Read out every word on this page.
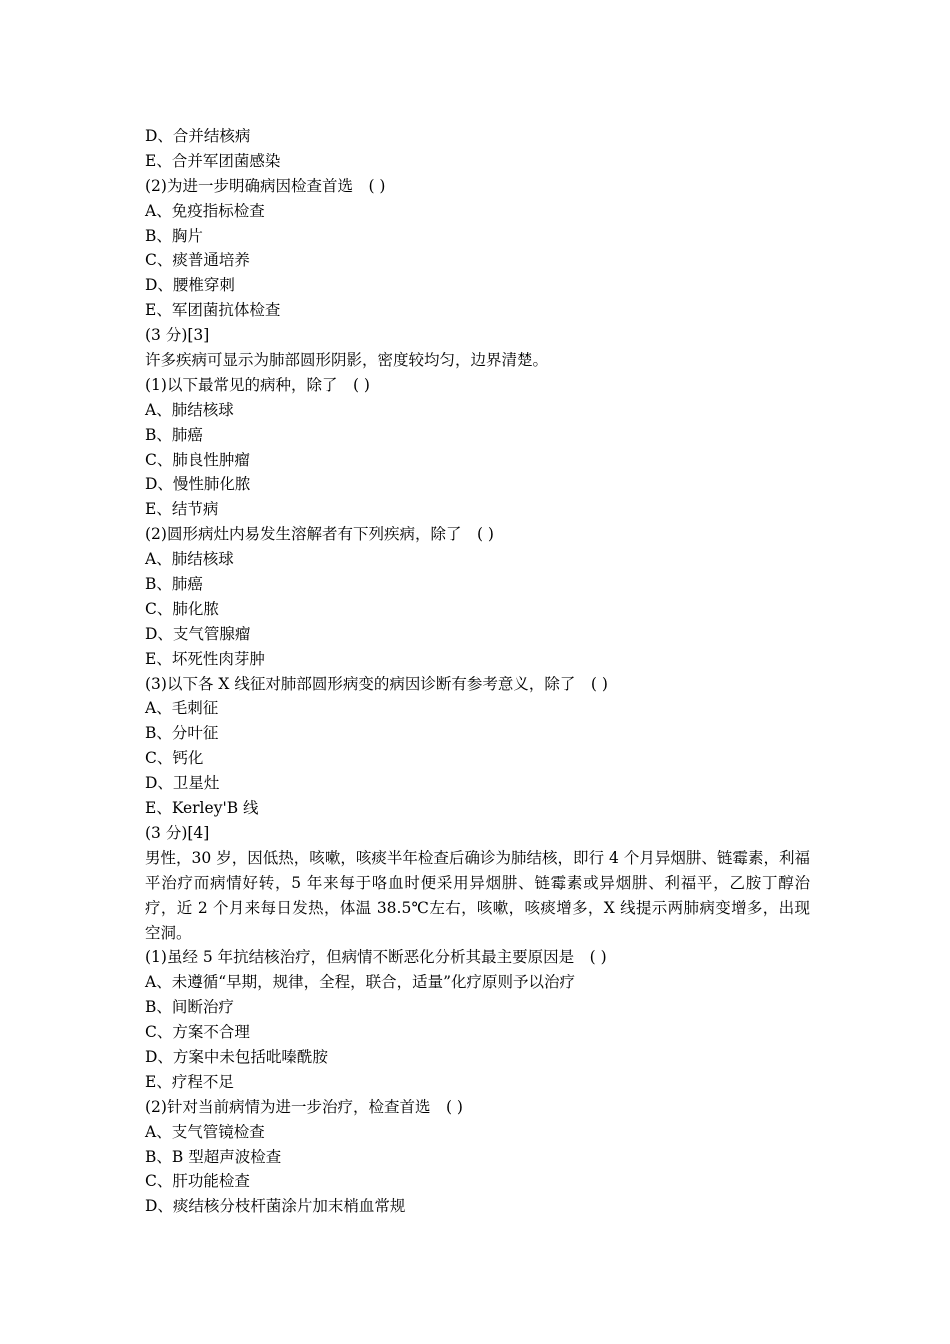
D、合并结核病
E、合并军团菌感染
(2)为进一步明确病因检查首选　( )
A、免疫指标检查
B、胸片
C、痰普通培养
D、腰椎穿刺
E、军团菌抗体检查
(3 分)[3]
许多疾病可显示为肺部圆形阴影，密度较均匀，边界清楚。
(1)以下最常见的病种，除了　( )
A、肺结核球
B、肺癌
C、肺良性肿瘤
D、慢性肺化脓
E、结节病
(2)圆形病灶内易发生溶解者有下列疾病，除了　( )
A、肺结核球
B、肺癌
C、肺化脓
D、支气管腺瘤
E、坏死性肉芽肿
(3)以下各 X 线征对肺部圆形病变的病因诊断有参考意义，除了　( )
A、毛刺征
B、分叶征
C、钙化
D、卫星灶
E、Kerley'B 线
(3 分)[4]
男性，30 岁，因低热，咳嗽，咳痰半年检查后确诊为肺结核，即行 4 个月异烟肼、链霉素，利福平治疗而病情好转，5 年来每于咯血时便采用异烟肼、链霉素或异烟肼、利福平，乙胺丁醇治疗，近 2 个月来每日发热，体温 38.5℃左右，咳嗽，咳痰增多，X 线提示两肺病变增多，出现空洞。
(1)虽经 5 年抗结核治疗，但病情不断恶化分析其最主要原因是　( )
A、未遵循“早期，规律，全程，联合，适量”化疗原则予以治疗
B、间断治疗
C、方案不合理
D、方案中未包括吡嗪酰胺
E、疗程不足
(2)针对当前病情为进一步治疗，检查首选　( )
A、支气管镜检查
B、B 型超声波检查
C、肝功能检查
D、痰结核分枝杆菌涂片加末梢血常规
